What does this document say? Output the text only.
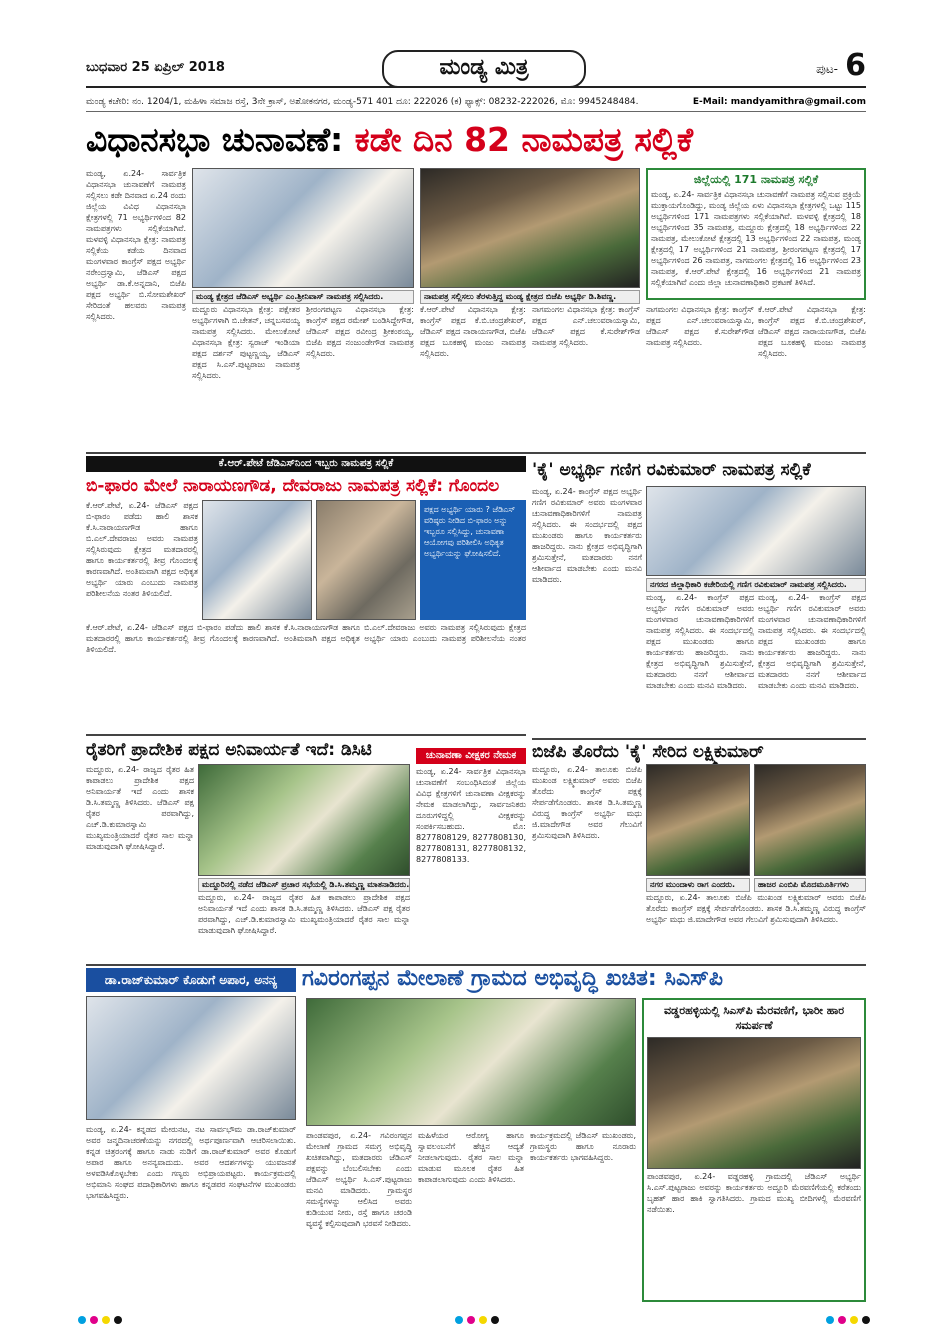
ಬುಧವಾರ 25 ಏಪ್ರಿಲ್ 2018	ಮಂಡ್ಯ ಮಿತ್ರ	ಪುಟ- 6
ಮಂಡ್ಯ ಕಚೇರಿ: ನಂ. 1204/1, ಮಹಿಳಾ ಸಮಾಜ ರಸ್ತೆ, 3ನೇ ಕ್ರಾಸ್, ಅಶೋಕನಗರ, ಮಂಡ್ಯ-571 401 ದೂ: 222026 (ಕ) ಫ್ಯಾಕ್ಸ್: 08232-222026, ಮೊ: 9945248484.	E-Mail: mandyamithra@gmail.com
ವಿಧಾನಸಭಾ ಚುನಾವಣೆ: ಕಡೇ ದಿನ 82 ನಾಮಪತ್ರ ಸಲ್ಲಿಕೆ
ಮಂಡ್ಯ, ಏ.24- ಸಾರ್ವತ್ರಿಕ ವಿಧಾನಸಭಾ ಚುನಾವಣೆಗೆ ನಾಮಪತ್ರ ಸಲ್ಲಿಸಲು ಕಡೇ ದಿನವಾದ ಏ.24 ರಂದು ಜಿಲ್ಲೆಯ ವಿವಿಧ ವಿಧಾನಸಭಾ ಕ್ಷೇತ್ರಗಳಲ್ಲಿ 71 ಅಭ್ಯರ್ಥಿಗಳಿಂದ 82 ನಾಮಪತ್ರಗಳು ಸಲ್ಲಿಕೆಯಾಗಿವೆ. ಮಳವಳ್ಳಿ ವಿಧಾನಸಭಾ ಕ್ಷೇತ್ರ: ನಾಮಪತ್ರ ಸಲ್ಲಿಕೆಯ ಕಡೆಯ ದಿನವಾದ ಮಂಗಳವಾರ ಕಾಂಗ್ರೆಸ್ ಪಕ್ಷದ ಅಭ್ಯರ್ಥಿ ನರೇಂದ್ರಸ್ವಾಮಿ, ಜೆಡಿಎಸ್ ಪಕ್ಷದ ಅಭ್ಯರ್ಥಿ ಡಾ.ಕೆ.ಅನ್ನದಾನಿ, ಬಿಜೆಪಿ ಪಕ್ಷದ ಅಭ್ಯರ್ಥಿ ಬಿ.ಸೋಮಶೇಖರ್ ಸೇರಿದಂತೆ ಹಲವರು ನಾಮಪತ್ರ ಸಲ್ಲಿಸಿದರು.
ಮಂಡ್ಯ ಕ್ಷೇತ್ರದ ಜೆಡಿಎಸ್ ಅಭ್ಯರ್ಥಿ ಎಂ.ಶ್ರೀನಿವಾಸ್ ನಾಮಪತ್ರ ಸಲ್ಲಿಸಿದರು.	ನಾಮಪತ್ರ ಸಲ್ಲಿಸಲು ತೆರಳುತ್ತಿದ್ದ ಮಂಡ್ಯ ಕ್ಷೇತ್ರದ ಬಿಜೆಪಿ ಅಭ್ಯರ್ಥಿ ಡಿ.ಶಿವಣ್ಣ.
ಮದ್ದೂರು ವಿಧಾನಸಭಾ ಕ್ಷೇತ್ರ: ಪಕ್ಷೇತರ ಅಭ್ಯರ್ಥಿಗಳಾಗಿ ಬಿ.ಚೇತನ್, ಚನ್ನಬಸವಯ್ಯ ನಾಮಪತ್ರ ಸಲ್ಲಿಸಿದರು. ಮೇಲುಕೋಟೆ ವಿಧಾನಸಭಾ ಕ್ಷೇತ್ರ: ಸ್ವರಾಜ್ ಇಂಡಿಯಾ ಪಕ್ಷದ ದರ್ಶನ್ ಪುಟ್ಟಣ್ಣಯ್ಯ, ಜೆಡಿಎಸ್ ಪಕ್ಷದ ಸಿ.ಎಸ್.ಪುಟ್ಟರಾಜು ನಾಮಪತ್ರ ಸಲ್ಲಿಸಿದರು.
ಶ್ರೀರಂಗಪಟ್ಟಣ ವಿಧಾನಸಭಾ ಕ್ಷೇತ್ರ: ಕಾಂಗ್ರೆಸ್ ಪಕ್ಷದ ರಮೇಶ್ ಬಂಡಿಸಿದ್ದೇಗೌಡ, ಜೆಡಿಎಸ್ ಪಕ್ಷದ ರವೀಂದ್ರ ಶ್ರೀಕಂಠಯ್ಯ, ಬಿಜೆಪಿ ಪಕ್ಷದ ನಂಜುಂಡೇಗೌಡ ನಾಮಪತ್ರ ಸಲ್ಲಿಸಿದರು.
ಕೆ.ಆರ್.ಪೇಟೆ ವಿಧಾನಸಭಾ ಕ್ಷೇತ್ರ: ಕಾಂಗ್ರೆಸ್ ಪಕ್ಷದ ಕೆ.ಬಿ.ಚಂದ್ರಶೇಖರ್, ಜೆಡಿಎಸ್ ಪಕ್ಷದ ನಾರಾಯಣಗೌಡ, ಬಿಜೆಪಿ ಪಕ್ಷದ ಬೂಕಹಳ್ಳಿ ಮಂಜು ನಾಮಪತ್ರ ಸಲ್ಲಿಸಿದರು.
ನಾಗಮಂಗಲ ವಿಧಾನಸಭಾ ಕ್ಷೇತ್ರ: ಕಾಂಗ್ರೆಸ್ ಪಕ್ಷದ ಎನ್.ಚಲುವರಾಯಸ್ವಾಮಿ, ಜೆಡಿಎಸ್ ಪಕ್ಷದ ಕೆ.ಸುರೇಶ್‌ಗೌಡ ನಾಮಪತ್ರ ಸಲ್ಲಿಸಿದರು.
ಜಿಲ್ಲೆಯಲ್ಲಿ 171 ನಾಮಪತ್ರ ಸಲ್ಲಿಕೆ
ಮಂಡ್ಯ, ಏ.24- ಸಾರ್ವತ್ರಿಕ ವಿಧಾನಸಭಾ ಚುನಾವಣೆಗೆ ನಾಮಪತ್ರ ಸಲ್ಲಿಸುವ ಪ್ರಕ್ರಿಯೆ ಮುಕ್ತಾಯಗೊಂಡಿದ್ದು, ಮಂಡ್ಯ ಜಿಲ್ಲೆಯ ಏಳು ವಿಧಾನಸಭಾ ಕ್ಷೇತ್ರಗಳಲ್ಲಿ ಒಟ್ಟು 115 ಅಭ್ಯರ್ಥಿಗಳಿಂದ 171 ನಾಮಪತ್ರಗಳು ಸಲ್ಲಿಕೆಯಾಗಿವೆ. ಮಳವಳ್ಳಿ ಕ್ಷೇತ್ರದಲ್ಲಿ 18 ಅಭ್ಯರ್ಥಿಗಳಿಂದ 35 ನಾಮಪತ್ರ, ಮದ್ದೂರು ಕ್ಷೇತ್ರದಲ್ಲಿ 18 ಅಭ್ಯರ್ಥಿಗಳಿಂದ 22 ನಾಮಪತ್ರ, ಮೇಲುಕೋಟೆ ಕ್ಷೇತ್ರದಲ್ಲಿ 13 ಅಭ್ಯರ್ಥಿಗಳಿಂದ 22 ನಾಮಪತ್ರ, ಮಂಡ್ಯ ಕ್ಷೇತ್ರದಲ್ಲಿ 17 ಅಭ್ಯರ್ಥಿಗಳಿಂದ 21 ನಾಮಪತ್ರ, ಶ್ರೀರಂಗಪಟ್ಟಣ ಕ್ಷೇತ್ರದಲ್ಲಿ 17 ಅಭ್ಯರ್ಥಿಗಳಿಂದ 26 ನಾಮಪತ್ರ, ನಾಗಮಂಗಲ ಕ್ಷೇತ್ರದಲ್ಲಿ 16 ಅಭ್ಯರ್ಥಿಗಳಿಂದ 23 ನಾಮಪತ್ರ, ಕೆ.ಆರ್.ಪೇಟೆ ಕ್ಷೇತ್ರದಲ್ಲಿ 16 ಅಭ್ಯರ್ಥಿಗಳಿಂದ 21 ನಾಮಪತ್ರ ಸಲ್ಲಿಕೆಯಾಗಿವೆ ಎಂದು ಜಿಲ್ಲಾ ಚುನಾವಣಾಧಿಕಾರಿ ಪ್ರಕಟಣೆ ತಿಳಿಸಿದೆ.
ನಾಗಮಂಗಲ ವಿಧಾನಸಭಾ ಕ್ಷೇತ್ರ: ಕಾಂಗ್ರೆಸ್ ಪಕ್ಷದ ಎನ್.ಚಲುವರಾಯಸ್ವಾಮಿ, ಜೆಡಿಎಸ್ ಪಕ್ಷದ ಕೆ.ಸುರೇಶ್‌ಗೌಡ ನಾಮಪತ್ರ ಸಲ್ಲಿಸಿದರು.
ಕೆ.ಆರ್.ಪೇಟೆ ವಿಧಾನಸಭಾ ಕ್ಷೇತ್ರ: ಕಾಂಗ್ರೆಸ್ ಪಕ್ಷದ ಕೆ.ಬಿ.ಚಂದ್ರಶೇಖರ್, ಜೆಡಿಎಸ್ ಪಕ್ಷದ ನಾರಾಯಣಗೌಡ, ಬಿಜೆಪಿ ಪಕ್ಷದ ಬೂಕಹಳ್ಳಿ ಮಂಜು ನಾಮಪತ್ರ ಸಲ್ಲಿಸಿದರು.
ಕೆ.ಆರ್.ಪೇಟೆ ಜೆಡಿಎಸ್‌ನಿಂದ ಇಬ್ಬರು ನಾಮಪತ್ರ ಸಲ್ಲಿಕೆ
ಬಿ-ಫಾರಂ ಮೇಲೆ ನಾರಾಯಣಗೌಡ, ದೇವರಾಜು ನಾಮಪತ್ರ ಸಲ್ಲಿಕೆ: ಗೊಂದಲ
ಕೆ.ಆರ್.ಪೇಟೆ, ಏ.24- ಜೆಡಿಎಸ್ ಪಕ್ಷದ ಬಿ-ಫಾರಂ ಪಡೆದು ಹಾಲಿ ಶಾಸಕ ಕೆ.ಸಿ.ನಾರಾಯಣಗೌಡ ಹಾಗೂ ಬಿ.ಎಲ್.ದೇವರಾಜು ಅವರು ನಾಮಪತ್ರ ಸಲ್ಲಿಸಿರುವುದು ಕ್ಷೇತ್ರದ ಮತದಾರರಲ್ಲಿ ಹಾಗೂ ಕಾರ್ಯಕರ್ತರಲ್ಲಿ ತೀವ್ರ ಗೊಂದಲಕ್ಕೆ ಕಾರಣವಾಗಿದೆ. ಅಂತಿಮವಾಗಿ ಪಕ್ಷದ ಅಧಿಕೃತ ಅಭ್ಯರ್ಥಿ ಯಾರು ಎಂಬುದು ನಾಮಪತ್ರ ಪರಿಶೀಲನೆಯ ನಂತರ ತಿಳಿಯಲಿದೆ.
ಪಕ್ಷದ ಅಭ್ಯರ್ಥಿ ಯಾರು ? ಜೆಡಿಎಸ್ ವರಿಷ್ಠರು ನೀಡಿದ ಬಿ-ಫಾರಂ ಅನ್ನು ಇಬ್ಬರೂ ಸಲ್ಲಿಸಿದ್ದು, ಚುನಾವಣಾ ಆಯೋಗವು ಪರಿಶೀಲಿಸಿ ಅಧಿಕೃತ ಅಭ್ಯರ್ಥಿಯನ್ನು ಘೋಷಿಸಲಿದೆ.
ಕೆ.ಆರ್.ಪೇಟೆ, ಏ.24- ಜೆಡಿಎಸ್ ಪಕ್ಷದ ಬಿ-ಫಾರಂ ಪಡೆದು ಹಾಲಿ ಶಾಸಕ ಕೆ.ಸಿ.ನಾರಾಯಣಗೌಡ ಹಾಗೂ ಬಿ.ಎಲ್.ದೇವರಾಜು ಅವರು ನಾಮಪತ್ರ ಸಲ್ಲಿಸಿರುವುದು ಕ್ಷೇತ್ರದ ಮತದಾರರಲ್ಲಿ ಹಾಗೂ ಕಾರ್ಯಕರ್ತರಲ್ಲಿ ತೀವ್ರ ಗೊಂದಲಕ್ಕೆ ಕಾರಣವಾಗಿದೆ. ಅಂತಿಮವಾಗಿ ಪಕ್ಷದ ಅಧಿಕೃತ ಅಭ್ಯರ್ಥಿ ಯಾರು ಎಂಬುದು ನಾಮಪತ್ರ ಪರಿಶೀಲನೆಯ ನಂತರ ತಿಳಿಯಲಿದೆ.
'ಕೈ' ಅಭ್ಯರ್ಥಿ ಗಣಿಗ ರವಿಕುಮಾರ್ ನಾಮಪತ್ರ ಸಲ್ಲಿಕೆ
ಮಂಡ್ಯ, ಏ.24- ಕಾಂಗ್ರೆಸ್ ಪಕ್ಷದ ಅಭ್ಯರ್ಥಿ ಗಣಿಗ ರವಿಕುಮಾರ್ ಅವರು ಮಂಗಳವಾರ ಚುನಾವಣಾಧಿಕಾರಿಗಳಿಗೆ ನಾಮಪತ್ರ ಸಲ್ಲಿಸಿದರು. ಈ ಸಂದರ್ಭದಲ್ಲಿ ಪಕ್ಷದ ಮುಖಂಡರು ಹಾಗೂ ಕಾರ್ಯಕರ್ತರು ಹಾಜರಿದ್ದರು. ನಾನು ಕ್ಷೇತ್ರದ ಅಭಿವೃದ್ಧಿಗಾಗಿ ಶ್ರಮಿಸುತ್ತೇನೆ, ಮತದಾರರು ನನಗೆ ಆಶೀರ್ವಾದ ಮಾಡಬೇಕು ಎಂದು ಮನವಿ ಮಾಡಿದರು.
ನಗರದ ಜಿಲ್ಲಾಧಿಕಾರಿ ಕಚೇರಿಯಲ್ಲಿ ಗಣಿಗ ರವಿಕುಮಾರ್ ನಾಮಪತ್ರ ಸಲ್ಲಿಸಿದರು.
ಮಂಡ್ಯ, ಏ.24- ಕಾಂಗ್ರೆಸ್ ಪಕ್ಷದ ಅಭ್ಯರ್ಥಿ ಗಣಿಗ ರವಿಕುಮಾರ್ ಅವರು ಮಂಗಳವಾರ ಚುನಾವಣಾಧಿಕಾರಿಗಳಿಗೆ ನಾಮಪತ್ರ ಸಲ್ಲಿಸಿದರು. ಈ ಸಂದರ್ಭದಲ್ಲಿ ಪಕ್ಷದ ಮುಖಂಡರು ಹಾಗೂ ಕಾರ್ಯಕರ್ತರು ಹಾಜರಿದ್ದರು. ನಾನು ಕ್ಷೇತ್ರದ ಅಭಿವೃದ್ಧಿಗಾಗಿ ಶ್ರಮಿಸುತ್ತೇನೆ, ಮತದಾರರು ನನಗೆ ಆಶೀರ್ವಾದ ಮಾಡಬೇಕು ಎಂದು ಮನವಿ ಮಾಡಿದರು.
ಮಂಡ್ಯ, ಏ.24- ಕಾಂಗ್ರೆಸ್ ಪಕ್ಷದ ಅಭ್ಯರ್ಥಿ ಗಣಿಗ ರವಿಕುಮಾರ್ ಅವರು ಮಂಗಳವಾರ ಚುನಾವಣಾಧಿಕಾರಿಗಳಿಗೆ ನಾಮಪತ್ರ ಸಲ್ಲಿಸಿದರು. ಈ ಸಂದರ್ಭದಲ್ಲಿ ಪಕ್ಷದ ಮುಖಂಡರು ಹಾಗೂ ಕಾರ್ಯಕರ್ತರು ಹಾಜರಿದ್ದರು. ನಾನು ಕ್ಷೇತ್ರದ ಅಭಿವೃದ್ಧಿಗಾಗಿ ಶ್ರಮಿಸುತ್ತೇನೆ, ಮತದಾರರು ನನಗೆ ಆಶೀರ್ವಾದ ಮಾಡಬೇಕು ಎಂದು ಮನವಿ ಮಾಡಿದರು.
ರೈತರಿಗೆ ಪ್ರಾದೇಶಿಕ ಪಕ್ಷದ ಅನಿವಾರ್ಯತೆ ಇದೆ: ಡಿಸಿಟಿ
ಮದ್ದೂರು, ಏ.24- ರಾಜ್ಯದ ರೈತರ ಹಿತ ಕಾಪಾಡಲು ಪ್ರಾದೇಶಿಕ ಪಕ್ಷದ ಅನಿವಾರ್ಯತೆ ಇದೆ ಎಂದು ಶಾಸಕ ಡಿ.ಸಿ.ತಮ್ಮಣ್ಣ ತಿಳಿಸಿದರು. ಜೆಡಿಎಸ್ ಪಕ್ಷ ರೈತರ ಪರವಾಗಿದ್ದು, ಎಚ್.ಡಿ.ಕುಮಾರಸ್ವಾಮಿ ಮುಖ್ಯಮಂತ್ರಿಯಾದರೆ ರೈತರ ಸಾಲ ಮನ್ನಾ ಮಾಡುವುದಾಗಿ ಘೋಷಿಸಿದ್ದಾರೆ.
ಮದ್ದೂರಿನಲ್ಲಿ ನಡೆದ ಜೆಡಿಎಸ್ ಪ್ರಚಾರ ಸಭೆಯಲ್ಲಿ ಡಿ.ಸಿ.ತಮ್ಮಣ್ಣ ಮಾತನಾಡಿದರು.
ಮದ್ದೂರು, ಏ.24- ರಾಜ್ಯದ ರೈತರ ಹಿತ ಕಾಪಾಡಲು ಪ್ರಾದೇಶಿಕ ಪಕ್ಷದ ಅನಿವಾರ್ಯತೆ ಇದೆ ಎಂದು ಶಾಸಕ ಡಿ.ಸಿ.ತಮ್ಮಣ್ಣ ತಿಳಿಸಿದರು. ಜೆಡಿಎಸ್ ಪಕ್ಷ ರೈತರ ಪರವಾಗಿದ್ದು, ಎಚ್.ಡಿ.ಕುಮಾರಸ್ವಾಮಿ ಮುಖ್ಯಮಂತ್ರಿಯಾದರೆ ರೈತರ ಸಾಲ ಮನ್ನಾ ಮಾಡುವುದಾಗಿ ಘೋಷಿಸಿದ್ದಾರೆ.
ಚುನಾವಣಾ ವೀಕ್ಷಕರ ನೇಮಕ
ಮಂಡ್ಯ, ಏ.24- ಸಾರ್ವತ್ರಿಕ ವಿಧಾನಸಭಾ ಚುನಾವಣೆಗೆ ಸಂಬಂಧಿಸಿದಂತೆ ಜಿಲ್ಲೆಯ ವಿವಿಧ ಕ್ಷೇತ್ರಗಳಿಗೆ ಚುನಾವಣಾ ವೀಕ್ಷಕರನ್ನು ನೇಮಕ ಮಾಡಲಾಗಿದ್ದು, ಸಾರ್ವಜನಿಕರು ದೂರುಗಳಿದ್ದಲ್ಲಿ ವೀಕ್ಷಕರನ್ನು ಸಂಪರ್ಕಿಸಬಹುದು. ಮೊ: 8277808129, 8277808130, 8277808131, 8277808132, 8277808133.
ಬಿಜೆಪಿ ತೊರೆದು 'ಕೈ' ಸೇರಿದ ಲಕ್ಷ್ಮಿಕುಮಾರ್
ಮದ್ದೂರು, ಏ.24- ತಾಲೂಕು ಬಿಜೆಪಿ ಮುಖಂಡ ಲಕ್ಷ್ಮಿಕುಮಾರ್ ಅವರು ಬಿಜೆಪಿ ತೊರೆದು ಕಾಂಗ್ರೆಸ್ ಪಕ್ಷಕ್ಕೆ ಸೇರ್ಪಡೆಗೊಂಡರು. ಶಾಸಕ ಡಿ.ಸಿ.ತಮ್ಮಣ್ಣ ವಿರುದ್ಧ ಕಾಂಗ್ರೆಸ್ ಅಭ್ಯರ್ಥಿ ಮಧು ಜಿ.ಮಾದೇಗೌಡ ಅವರ ಗೆಲುವಿಗೆ ಶ್ರಮಿಸುವುದಾಗಿ ತಿಳಿಸಿದರು.
ನಗರ ಮುಂದಾಳು ರಾಗ ಎಂದರು.	ಹಾಜರ ಎಂಬಿಪಿ ಮೊದಮೂರ್ತಿಗಳು
ಮದ್ದೂರು, ಏ.24- ತಾಲೂಕು ಬಿಜೆಪಿ ಮುಖಂಡ ಲಕ್ಷ್ಮಿಕುಮಾರ್ ಅವರು ಬಿಜೆಪಿ ತೊರೆದು ಕಾಂಗ್ರೆಸ್ ಪಕ್ಷಕ್ಕೆ ಸೇರ್ಪಡೆಗೊಂಡರು. ಶಾಸಕ ಡಿ.ಸಿ.ತಮ್ಮಣ್ಣ ವಿರುದ್ಧ ಕಾಂಗ್ರೆಸ್ ಅಭ್ಯರ್ಥಿ ಮಧು ಜಿ.ಮಾದೇಗೌಡ ಅವರ ಗೆಲುವಿಗೆ ಶ್ರಮಿಸುವುದಾಗಿ ತಿಳಿಸಿದರು.
ಡಾ.ರಾಜ್‌ಕುಮಾರ್ ಕೊಡುಗೆ ಅಪಾರ, ಅನನ್ಯ
ಮಂಡ್ಯ, ಏ.24- ಕನ್ನಡದ ಮೇರುನಟ, ನಟ ಸಾರ್ವಭೌಮ ಡಾ.ರಾಜ್‌ಕುಮಾರ್ ಅವರ ಜನ್ಮದಿನಾಚರಣೆಯನ್ನು ನಗರದಲ್ಲಿ ಅರ್ಥಪೂರ್ಣವಾಗಿ ಆಚರಿಸಲಾಯಿತು. ಕನ್ನಡ ಚಿತ್ರರಂಗಕ್ಕೆ ಹಾಗೂ ನಾಡು ನುಡಿಗೆ ಡಾ.ರಾಜ್‌ಕುಮಾರ್ ಅವರ ಕೊಡುಗೆ ಅಪಾರ ಹಾಗೂ ಅನನ್ಯವಾದುದು. ಅವರ ಆದರ್ಶಗಳನ್ನು ಯುವಜನತೆ ಅಳವಡಿಸಿಕೊಳ್ಳಬೇಕು ಎಂದು ಗಣ್ಯರು ಅಭಿಪ್ರಾಯಪಟ್ಟರು. ಕಾರ್ಯಕ್ರಮದಲ್ಲಿ ಅಭಿಮಾನಿ ಸಂಘದ ಪದಾಧಿಕಾರಿಗಳು ಹಾಗೂ ಕನ್ನಡಪರ ಸಂಘಟನೆಗಳ ಮುಖಂಡರು ಭಾಗವಹಿಸಿದ್ದರು.
ಗವಿರಂಗಪ್ಪನ ಮೇಲಾಣೆ ಗ್ರಾಮದ ಅಭಿವೃದ್ಧಿ ಖಚಿತ: ಸಿಎಸ್‌ಪಿ
ಪಾಂಡವಪುರ, ಏ.24- ಗವಿರಂಗಪ್ಪನ ಮೇಲಾಣೆ ಗ್ರಾಮದ ಸಮಗ್ರ ಅಭಿವೃದ್ಧಿ ಖಚಿತವಾಗಿದ್ದು, ಮತದಾರರು ಜೆಡಿಎಸ್ ಪಕ್ಷವನ್ನು ಬೆಂಬಲಿಸಬೇಕು ಎಂದು ಜೆಡಿಎಸ್ ಅಭ್ಯರ್ಥಿ ಸಿ.ಎಸ್.ಪುಟ್ಟರಾಜು ಮನವಿ ಮಾಡಿದರು. ಗ್ರಾಮಸ್ಥರ ಸಮಸ್ಯೆಗಳನ್ನು ಆಲಿಸಿದ ಅವರು ಕುಡಿಯುವ ನೀರು, ರಸ್ತೆ ಹಾಗೂ ಚರಂಡಿ ವ್ಯವಸ್ಥೆ ಕಲ್ಪಿಸುವುದಾಗಿ ಭರವಸೆ ನೀಡಿದರು.
ಮಹಿಳೆಯರ ಆರೋಗ್ಯ ಹಾಗೂ ಸ್ವಾವಲಂಬನೆಗೆ ಹೆಚ್ಚಿನ ಆದ್ಯತೆ ನೀಡಲಾಗುವುದು. ರೈತರ ಸಾಲ ಮನ್ನಾ ಮಾಡುವ ಮೂಲಕ ರೈತರ ಹಿತ ಕಾಪಾಡಲಾಗುವುದು ಎಂದು ತಿಳಿಸಿದರು.
ಕಾರ್ಯಕ್ರಮದಲ್ಲಿ ಜೆಡಿಎಸ್ ಮುಖಂಡರು, ಗ್ರಾಮಸ್ಥರು ಹಾಗೂ ನೂರಾರು ಕಾರ್ಯಕರ್ತರು ಭಾಗವಹಿಸಿದ್ದರು.
ವಡ್ಡರಹಳ್ಳಿಯಲ್ಲಿ ಸಿಎಸ್‌ಪಿ ಮೆರವಣಿಗೆ, ಭಾರೀ ಹಾರ ಸಮರ್ಪಣೆ
ಪಾಂಡವಪುರ, ಏ.24- ವಡ್ಡರಹಳ್ಳಿ ಗ್ರಾಮದಲ್ಲಿ ಜೆಡಿಎಸ್ ಅಭ್ಯರ್ಥಿ ಸಿ.ಎಸ್.ಪುಟ್ಟರಾಜು ಅವರನ್ನು ಕಾರ್ಯಕರ್ತರು ಅದ್ದೂರಿ ಮೆರವಣಿಗೆಯಲ್ಲಿ ಕರೆತಂದು ಬೃಹತ್ ಹಾರ ಹಾಕಿ ಸ್ವಾಗತಿಸಿದರು. ಗ್ರಾಮದ ಮುಖ್ಯ ಬೀದಿಗಳಲ್ಲಿ ಮೆರವಣಿಗೆ ನಡೆಯಿತು.
